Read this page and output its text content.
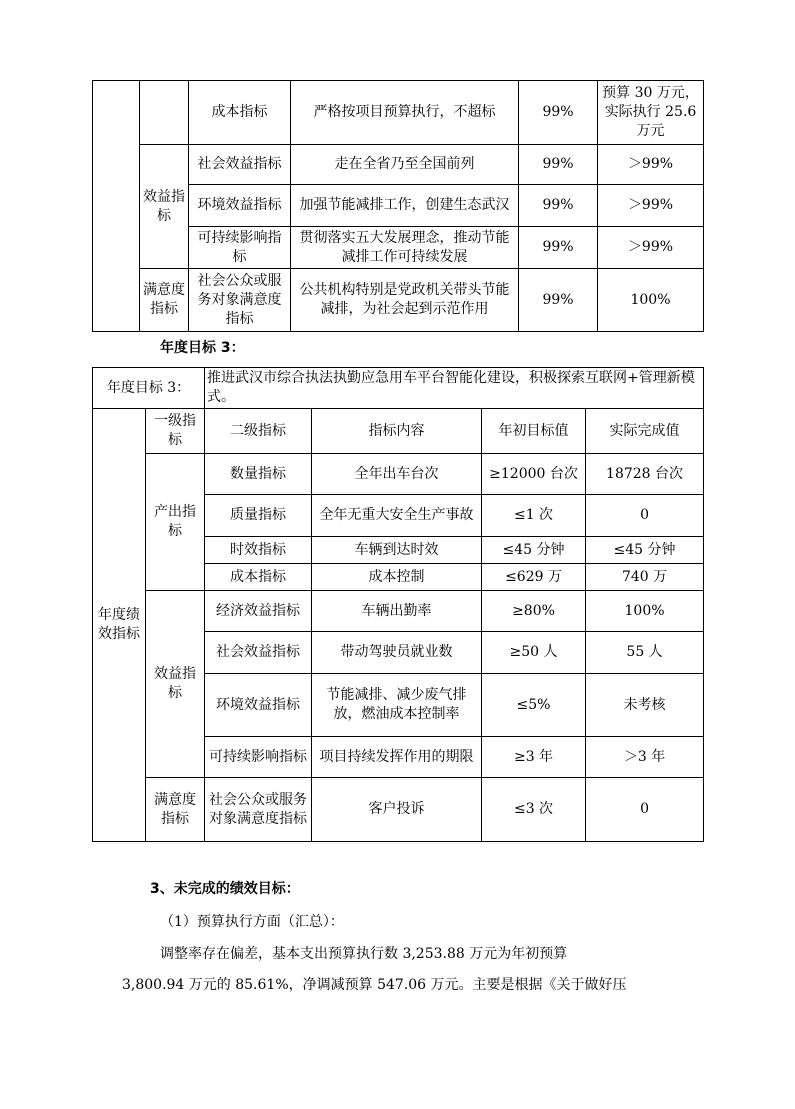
		成本指标	严格按项目预算执行，不超标	99%	预算 30 万元，实际执行 25.6 万元
	效益指标	社会效益指标	走在全省乃至全国前列	99%	＞99%
		环境效益指标	加强节能减排工作，创建生态武汉	99%	＞99%
		可持续影响指标	贯彻落实五大发展理念，推动节能减排工作可持续发展	99%	＞99%
	满意度指标	社会公众或服务对象满意度指标	公共机构特别是党政机关带头节能减排，为社会起到示范作用	99%	100%
年度目标 3：
年度目标 3：		推进武汉市综合执法执勤应急用车平台智能化建设，积极探索互联网+管理新模式。			
年度绩效指标	一级指标	二级指标	指标内容	年初目标值	实际完成值
	产出指标	数量指标	全年出车台次	≥12000 台次	18728 台次
		质量指标	全年无重大安全生产事故	≤1 次	0
		时效指标	车辆到达时效	≤45 分钟	≤45 分钟
		成本指标	成本控制	≤629 万	740 万
	效益指标	经济效益指标	车辆出勤率	≥80%	100%
		社会效益指标	带动驾驶员就业数	≥50 人	55 人
		环境效益指标	节能减排、减少废气排放，燃油成本控制率	≤5%	未考核
		可持续影响指标	项目持续发挥作用的期限	≥3 年	＞3 年
	满意度指标	社会公众或服务对象满意度指标	客户投诉	≤3 次	0
3、未完成的绩效目标：
（1）预算执行方面（汇总）：
调整率存在偏差，基本支出预算执行数 3,253.88 万元为年初预算
3,800.94 万元的 85.61%，净调减预算 547.06 万元。主要是根据《关于做好压
